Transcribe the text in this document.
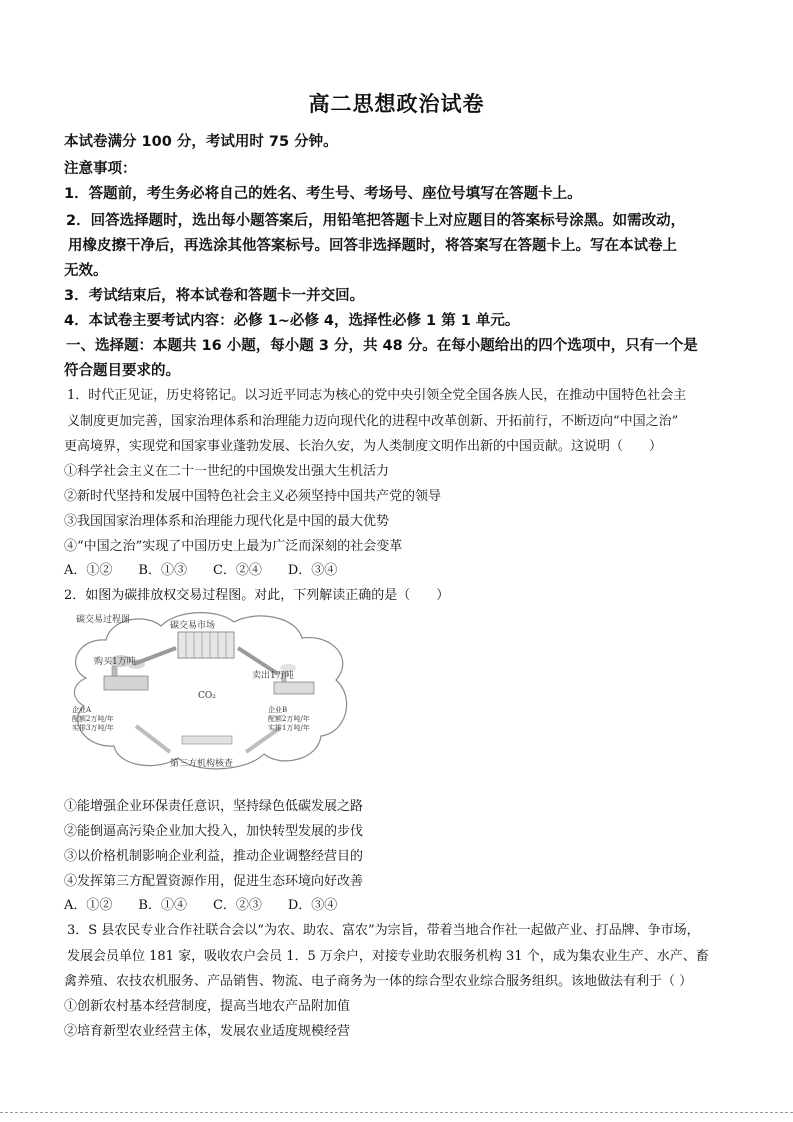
高二思想政治试卷
本试卷满分 100 分，考试用时 75 分钟。
注意事项：
1．答题前，考生务必将自己的姓名、考生号、考场号、座位号填写在答题卡上。
2．回答选择题时，选出每小题答案后，用铅笔把答题卡上对应题目的答案标号涂黑。如需改动，
用橡皮擦干净后，再选涂其他答案标号。回答非选择题时，将答案写在答题卡上。写在本试卷上
无效。
3．考试结束后，将本试卷和答题卡一并交回。
4．本试卷主要考试内容：必修 1~必修 4，选择性必修 1 第 1 单元。
一、选择题：本题共 16 小题，每小题 3 分，共 48 分。在每小题给出的四个选项中，只有一个是
符合题目要求的。
1．时代正见证，历史将铭记。以习近平同志为核心的党中央引领全党全国各族人民，在推动中国特色社会主
义制度更加完善，国家治理体系和治理能力迈向现代化的进程中改革创新、开拓前行，不断迈向“中国之治”
更高境界，实现党和国家事业蓬勃发展、长治久安，为人类制度文明作出新的中国贡献。这说明（　　）
①科学社会主义在二十一世纪的中国焕发出强大生机活力
②新时代坚持和发展中国特色社会主义必须坚持中国共产党的领导
③我国国家治理体系和治理能力现代化是中国的最大优势
④“中国之治”实现了中国历史上最为广泛而深刻的社会变革
A．①②　　B．①③　　C．②④　　D．③④
2．如图为碳排放权交易过程图。对此，下列解读正确的是（　　）
碳交易过程图
碳交易市场
购买1万吨
卖出1万吨
CO₂
企业A
配额2万吨/年
实排3万吨/年
企业B
配额2万吨/年
实排1万吨/年
第三方机构核查
①能增强企业环保责任意识，坚持绿色低碳发展之路
②能倒逼高污染企业加大投入，加快转型发展的步伐
③以价格机制影响企业利益，推动企业调整经营目的
④发挥第三方配置资源作用，促进生态环境向好改善
A．①②　　B．①④　　C．②③　　D．③④
3．S 县农民专业合作社联合会以“为农、助农、富农”为宗旨，带着当地合作社一起做产业、打品牌、争市场，
发展会员单位 181 家，吸收农户会员 1．5 万余户，对接专业助农服务机构 31 个，成为集农业生产、水产、畜
禽养殖、农技农机服务、产品销售、物流、电子商务为一体的综合型农业综合服务组织。该地做法有利于（ ）
①创新农村基本经营制度，提高当地农产品附加值
②培育新型农业经营主体，发展农业适度规模经营
